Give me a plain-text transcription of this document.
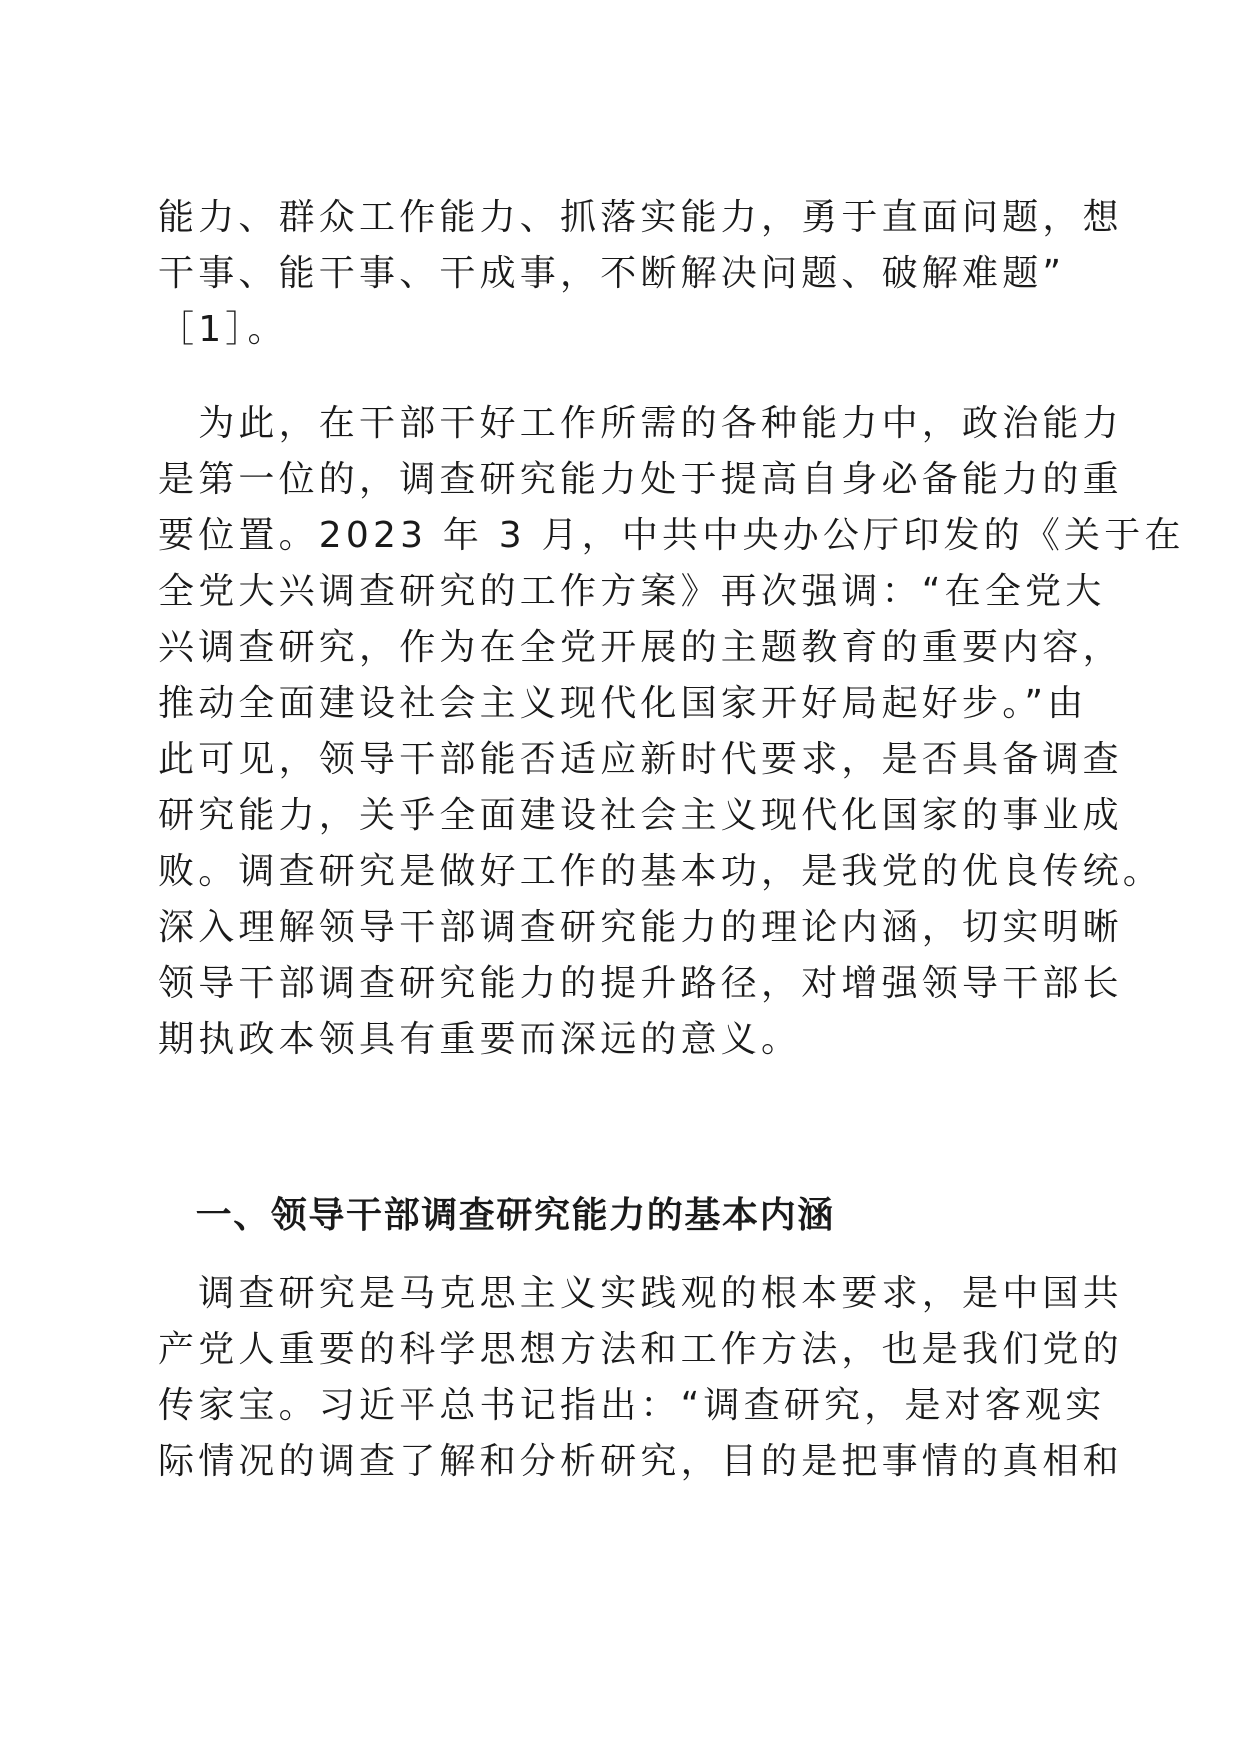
能力、群众工作能力、抓落实能力，勇于直面问题，想
干事、能干事、干成事，不断解决问题、破解难题”
［1］。
　为此，在干部干好工作所需的各种能力中，政治能力
是第一位的，调查研究能力处于提高自身必备能力的重
要位置。2023 年 3 月，中共中央办公厅印发的《关于在
全党大兴调查研究的工作方案》再次强调：“在全党大
兴调查研究，作为在全党开展的主题教育的重要内容，
推动全面建设社会主义现代化国家开好局起好步。”由
此可见，领导干部能否适应新时代要求，是否具备调查
研究能力，关乎全面建设社会主义现代化国家的事业成
败。调查研究是做好工作的基本功，是我党的优良传统。
深入理解领导干部调查研究能力的理论内涵，切实明晰
领导干部调查研究能力的提升路径，对增强领导干部长
期执政本领具有重要而深远的意义。
　一、领导干部调查研究能力的基本内涵
　调查研究是马克思主义实践观的根本要求，是中国共
产党人重要的科学思想方法和工作方法，也是我们党的
传家宝。习近平总书记指出：“调查研究，是对客观实
际情况的调查了解和分析研究，目的是把事情的真相和
